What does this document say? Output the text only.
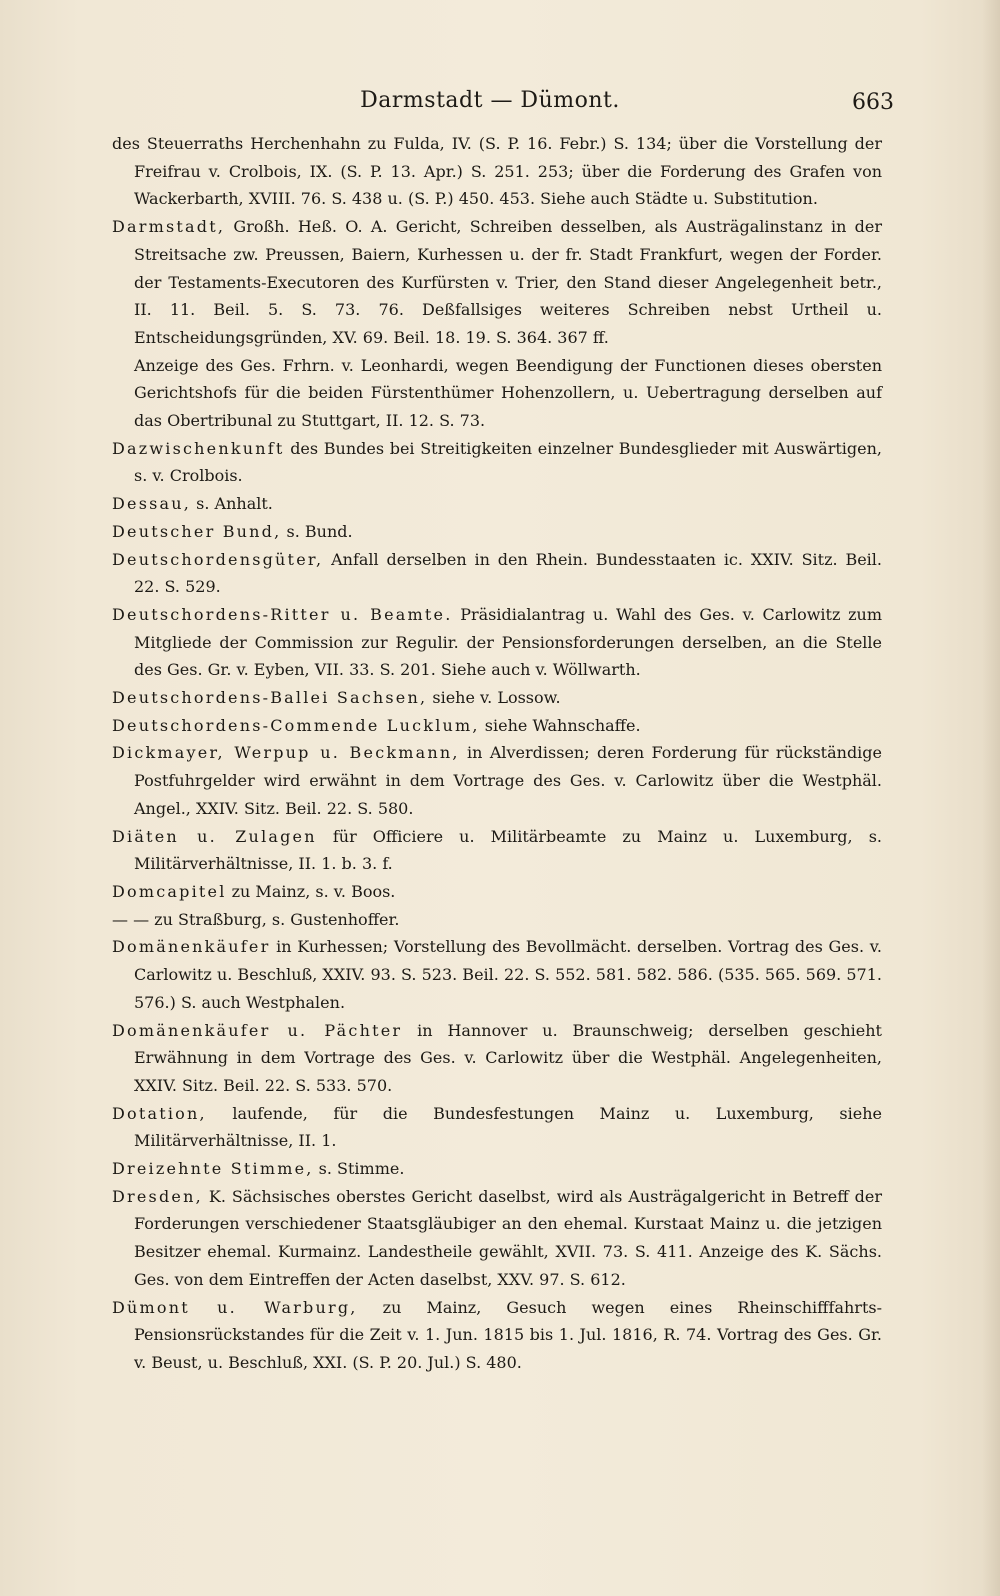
Darmstadt — Dümont.	663

des Steuerraths Herchenhahn zu Fulda, IV. (S. P. 16. Febr.) S. 134; über die Vorstellung der Freifrau v. Crolbois, IX. (S. P. 13. Apr.) S. 251. 253; über die Forderung des Grafen von Wackerbarth, XVIII. 76. S. 438 u. (S. P.) 450. 453. Siehe auch Städte u. Substitution.

Darmstadt, Großh. Heß. O. A. Gericht, Schreiben desselben, als Austrägalinstanz in der Streitsache zw. Preussen, Baiern, Kurhessen u. der fr. Stadt Frankfurt, wegen der Forder. der Testaments-Executoren des Kurfürsten v. Trier, den Stand dieser Angelegenheit betr., II. 11. Beil. 5. S. 73. 76. Deßfallsiges weiteres Schreiben nebst Urtheil u. Entscheidungsgründen, XV. 69. Beil. 18. 19. S. 364. 367 ff.

Anzeige des Ges. Frhrn. v. Leonhardi, wegen Beendigung der Functionen dieses obersten Gerichtshofs für die beiden Fürstenthümer Hohenzollern, u. Uebertragung derselben auf das Obertribunal zu Stuttgart, II. 12. S. 73.

Dazwischenkunft des Bundes bei Streitigkeiten einzelner Bundesglieder mit Auswärtigen, s. v. Crolbois.

Dessau, s. Anhalt.

Deutscher Bund, s. Bund.

Deutschordensgüter, Anfall derselben in den Rhein. Bundesstaaten ic. XXIV. Sitz. Beil. 22. S. 529.

Deutschordens-Ritter u. Beamte. Präsidialantrag u. Wahl des Ges. v. Carlowitz zum Mitgliede der Commission zur Regulir. der Pensionsforderungen derselben, an die Stelle des Ges. Gr. v. Eyben, VII. 33. S. 201. Siehe auch v. Wöllwarth.

Deutschordens-Ballei Sachsen, siehe v. Lossow.

Deutschordens-Commende Lucklum, siehe Wahnschaffe.

Dickmayer, Werpup u. Beckmann, in Alverdissen; deren Forderung für rückständige Postfuhrgelder wird erwähnt in dem Vortrage des Ges. v. Carlowitz über die Westphäl. Angel., XXIV. Sitz. Beil. 22. S. 580.

Diäten u. Zulagen für Officiere u. Militärbeamte zu Mainz u. Luxemburg, s. Militärverhältnisse, II. 1. b. 3. f.

Domcapitel zu Mainz, s. v. Boos.

— — zu Straßburg, s. Gustenhoffer.

Domänenkäufer in Kurhessen; Vorstellung des Bevollmächt. derselben. Vortrag des Ges. v. Carlowitz u. Beschluß, XXIV. 93. S. 523. Beil. 22. S. 552. 581. 582. 586. (535. 565. 569. 571. 576.) S. auch Westphalen.

Domänenkäufer u. Pächter in Hannover u. Braunschweig; derselben geschieht Erwähnung in dem Vortrage des Ges. v. Carlowitz über die Westphäl. Angelegenheiten, XXIV. Sitz. Beil. 22. S. 533. 570.

Dotation, laufende, für die Bundesfestungen Mainz u. Luxemburg, siehe Militärverhältnisse, II. 1.

Dreizehnte Stimme, s. Stimme.

Dresden, K. Sächsisches oberstes Gericht daselbst, wird als Austrägalgericht in Betreff der Forderungen verschiedener Staatsgläubiger an den ehemal. Kurstaat Mainz u. die jetzigen Besitzer ehemal. Kurmainz. Landestheile gewählt, XVII. 73. S. 411. Anzeige des K. Sächs. Ges. von dem Eintreffen der Acten daselbst, XXV. 97. S. 612.

Dümont u. Warburg, zu Mainz, Gesuch wegen eines Rheinschifffahrts-Pensionsrückstandes für die Zeit v. 1. Jun. 1815 bis 1. Jul. 1816, R. 74. Vortrag des Ges. Gr. v. Beust, u. Beschluß, XXI. (S. P. 20. Jul.) S. 480.
